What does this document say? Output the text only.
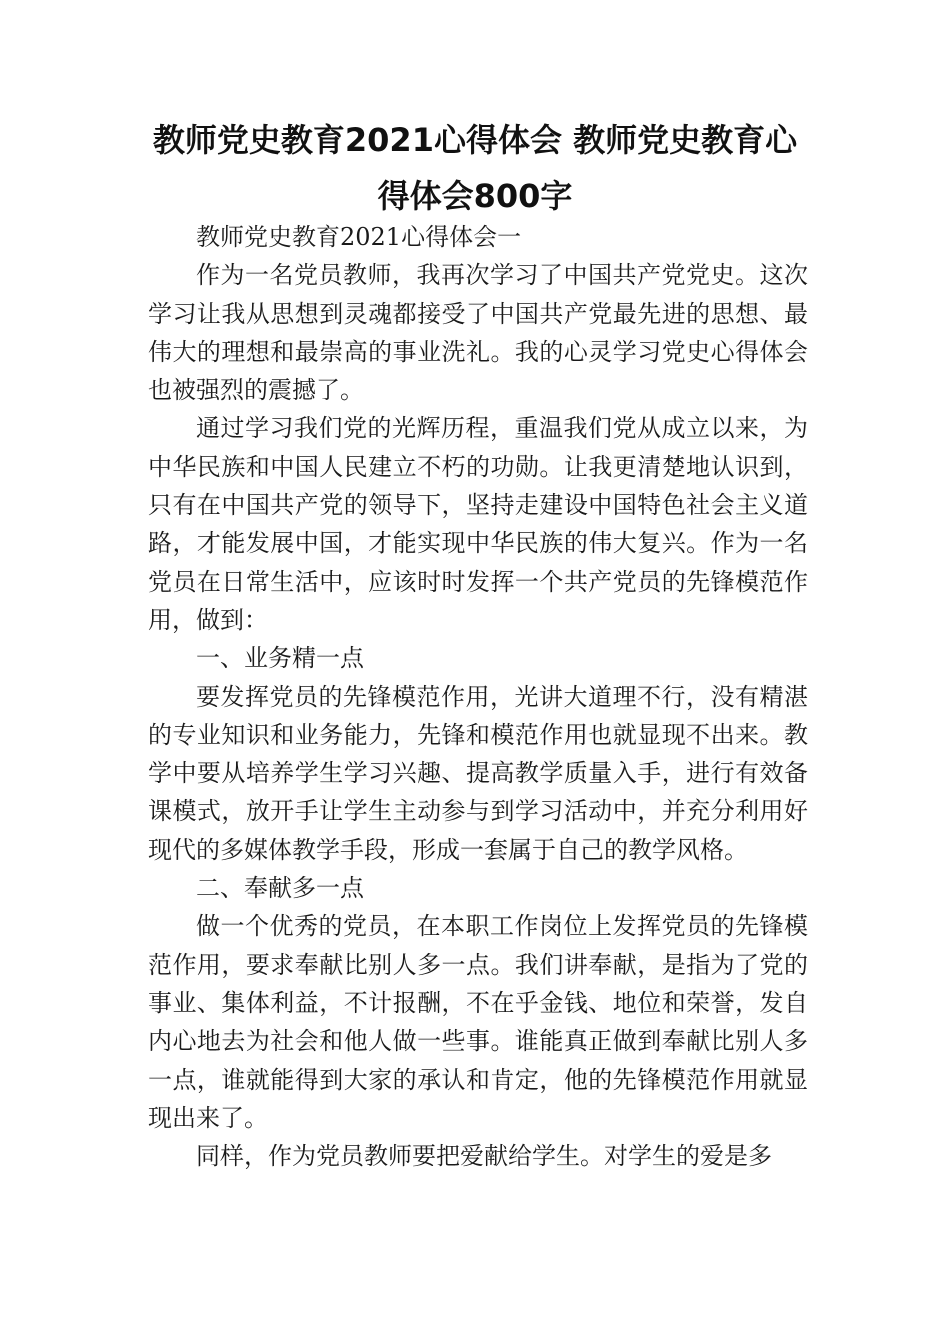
教师党史教育2021心得体会 教师党史教育心得体会800字

教师党史教育2021心得体会一

作为一名党员教师，我再次学习了中国共产党党史。这次学习让我从思想到灵魂都接受了中国共产党最先进的思想、最伟大的理想和最崇高的事业洗礼。我的心灵学习党史心得体会也被强烈的震撼了。

通过学习我们党的光辉历程，重温我们党从成立以来，为中华民族和中国人民建立不朽的功勋。让我更清楚地认识到，只有在中国共产党的领导下，坚持走建设中国特色社会主义道路，才能发展中国，才能实现中华民族的伟大复兴。作为一名党员在日常生活中，应该时时发挥一个共产党员的先锋模范作用，做到：

一、业务精一点

要发挥党员的先锋模范作用，光讲大道理不行，没有精湛的专业知识和业务能力，先锋和模范作用也就显现不出来。教学中要从培养学生学习兴趣、提高教学质量入手，进行有效备课模式，放开手让学生主动参与到学习活动中，并充分利用好现代的多媒体教学手段，形成一套属于自己的教学风格。

二、奉献多一点

做一个优秀的党员，在本职工作岗位上发挥党员的先锋模范作用，要求奉献比别人多一点。我们讲奉献，是指为了党的事业、集体利益，不计报酬，不在乎金钱、地位和荣誉，发自内心地去为社会和他人做一些事。谁能真正做到奉献比别人多一点，谁就能得到大家的承认和肯定，他的先锋模范作用就显现出来了。

同样，作为党员教师要把爱献给学生。对学生的爱是多
